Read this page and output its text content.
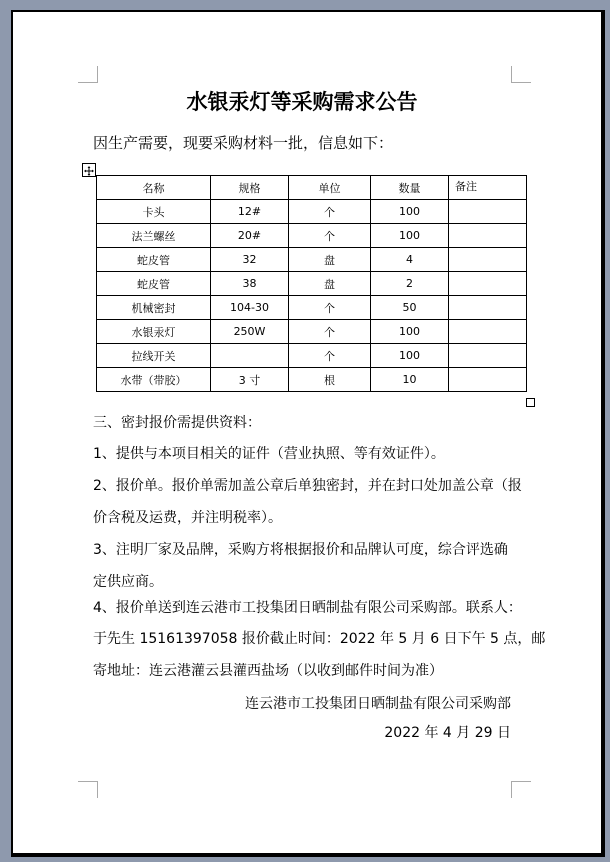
水银汞灯等采购需求公告
因生产需要，现要采购材料一批，信息如下：
名称	规格	单位	数量	备注
卡头	12#	个	100	
法兰螺丝	20#	个	100	
蛇皮管	32	盘	4	
蛇皮管	38	盘	2	
机械密封	104-30	个	50	
水银汞灯	250W	个	100	
拉线开关		个	100	
水带（带胶）	3 寸	根	10	
三、密封报价需提供资料：
1、提供与本项目相关的证件（营业执照、等有效证件）。
2、报价单。报价单需加盖公章后单独密封，并在封口处加盖公章（报
价含税及运费，并注明税率）。
3、注明厂家及品牌，采购方将根据报价和品牌认可度，综合评选确
定供应商。
4、报价单送到连云港市工投集团日晒制盐有限公司采购部。联系人：
于先生 15161397058 报价截止时间：2022 年 5 月 6 日下午 5 点，邮
寄地址：连云港灌云县灌西盐场（以收到邮件时间为准）
连云港市工投集团日晒制盐有限公司采购部
2022 年 4 月 29 日
